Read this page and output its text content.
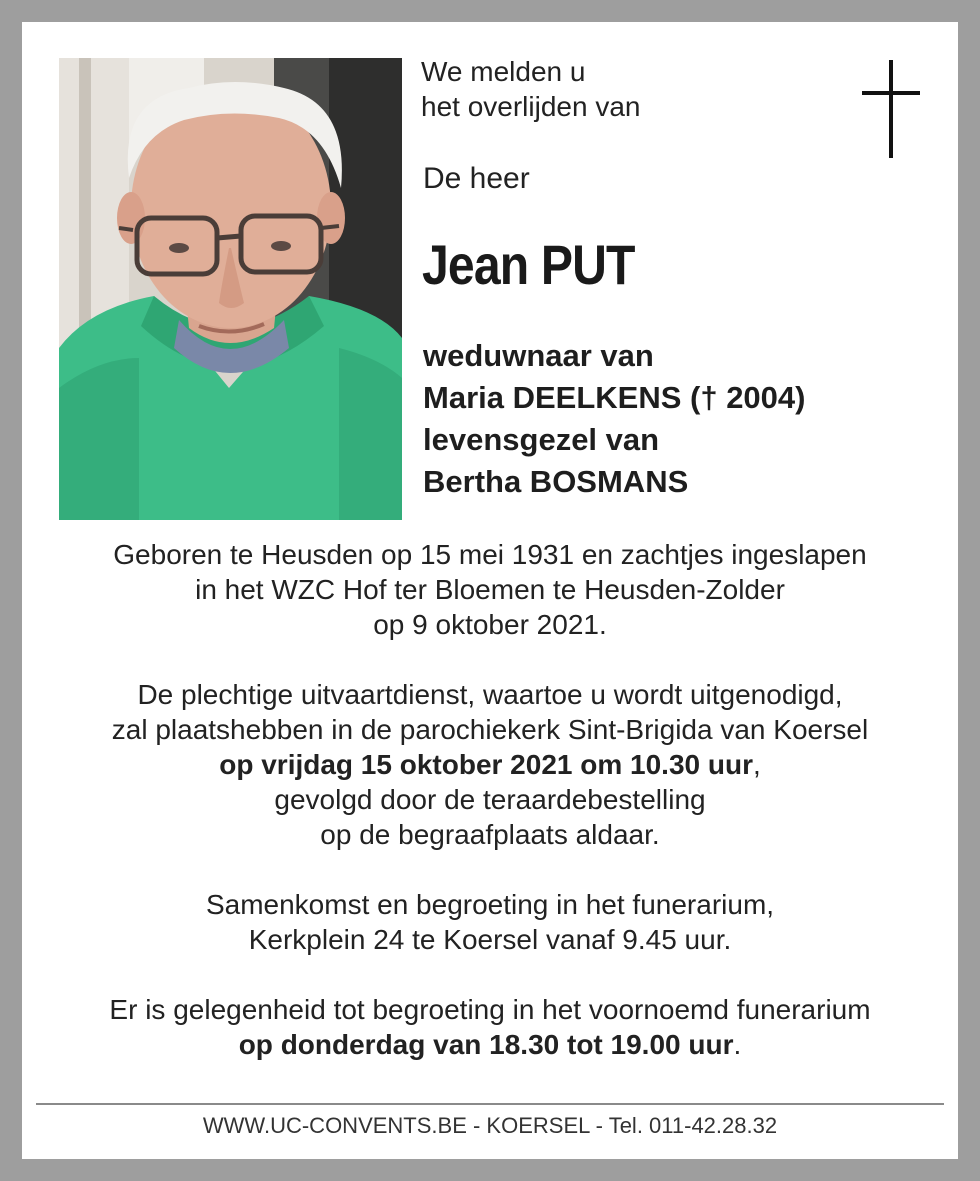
We melden u
het overlijden van
De heer
Jean PUT
weduwnaar van
Maria DEELKENS († 2004)
levensgezel van
Bertha BOSMANS
Geboren te Heusden op 15 mei 1931 en zachtjes ingeslapen
in het WZC Hof ter Bloemen te Heusden-Zolder
op 9 oktober 2021.
De plechtige uitvaartdienst, waartoe u wordt uitgenodigd,
zal plaatshebben in de parochiekerk Sint-Brigida van Koersel
op vrijdag 15 oktober 2021 om 10.30 uur,
gevolgd door de teraardebestelling
op de begraafplaats aldaar.
Samenkomst en begroeting in het funerarium,
Kerkplein 24 te Koersel vanaf 9.45 uur.
Er is gelegenheid tot begroeting in het voornoemd funerarium
op donderdag van 18.30 tot 19.00 uur.
WWW.UC-CONVENTS.BE - KOERSEL - Tel. 011-42.28.32
